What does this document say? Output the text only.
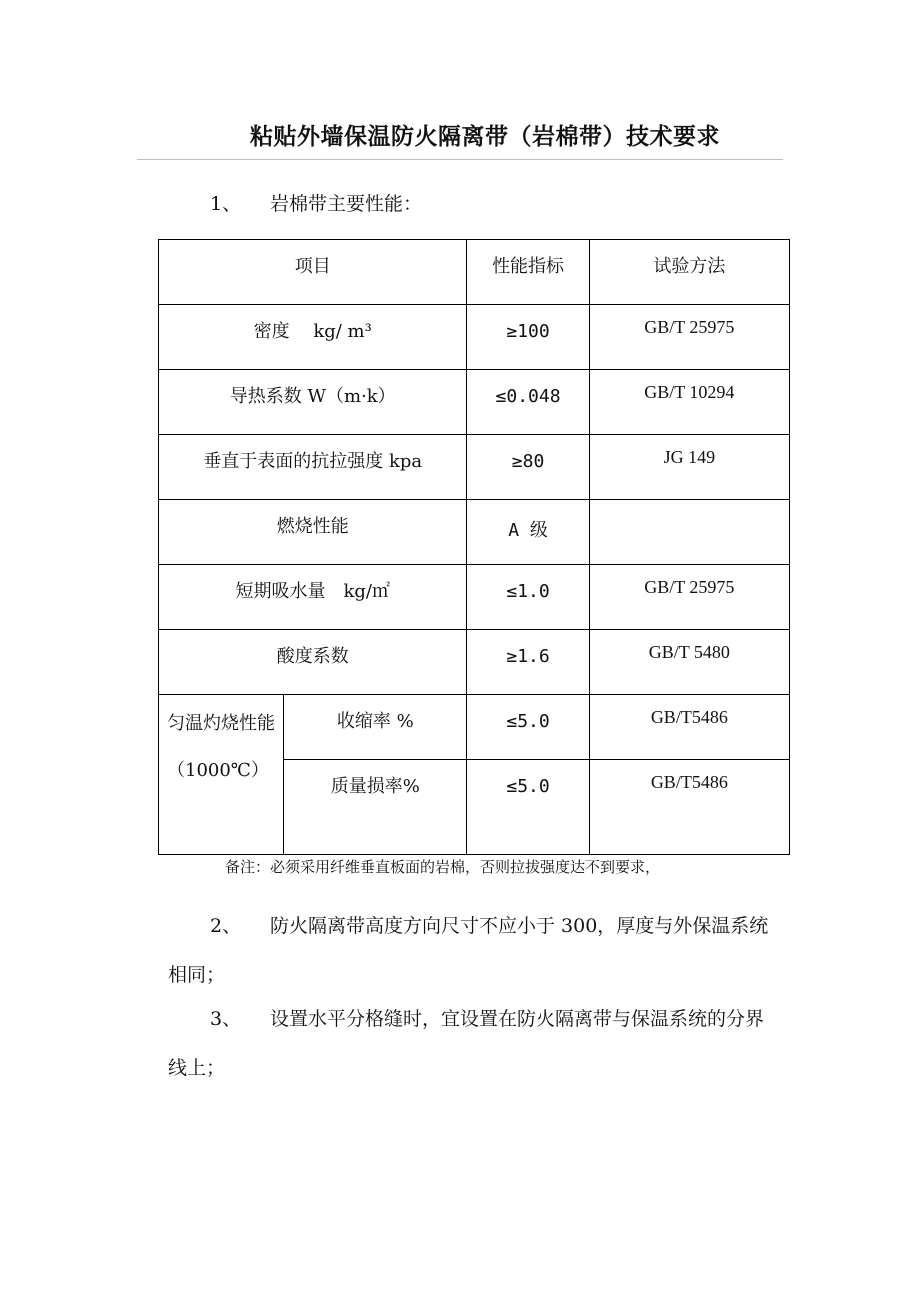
粘贴外墙保温防火隔离带（岩棉带）技术要求
1、 岩棉带主要性能：
项目		性能指标	试验方法
密度　 kg/ m³		≥100	GB/T 25975
导热系数 W（m·k）		≤0.048	GB/T 10294
垂直于表面的抗拉强度 kpa		≥80	JG 149
燃烧性能		A 级	
短期吸水量　kg/㎡		≤1.0	GB/T 25975
酸度系数		≥1.6	GB/T 5480
匀温灼烧性能（1000℃）	收缩率 %	≤5.0	GB/T5486
	质量损率%	≤5.0	GB/T5486
备注：必须采用纤维垂直板面的岩棉，否则拉拔强度达不到要求，
2、 防火隔离带高度方向尺寸不应小于 300，厚度与外保温系统相同；
3、 设置水平分格缝时，宜设置在防火隔离带与保温系统的分界线上；
